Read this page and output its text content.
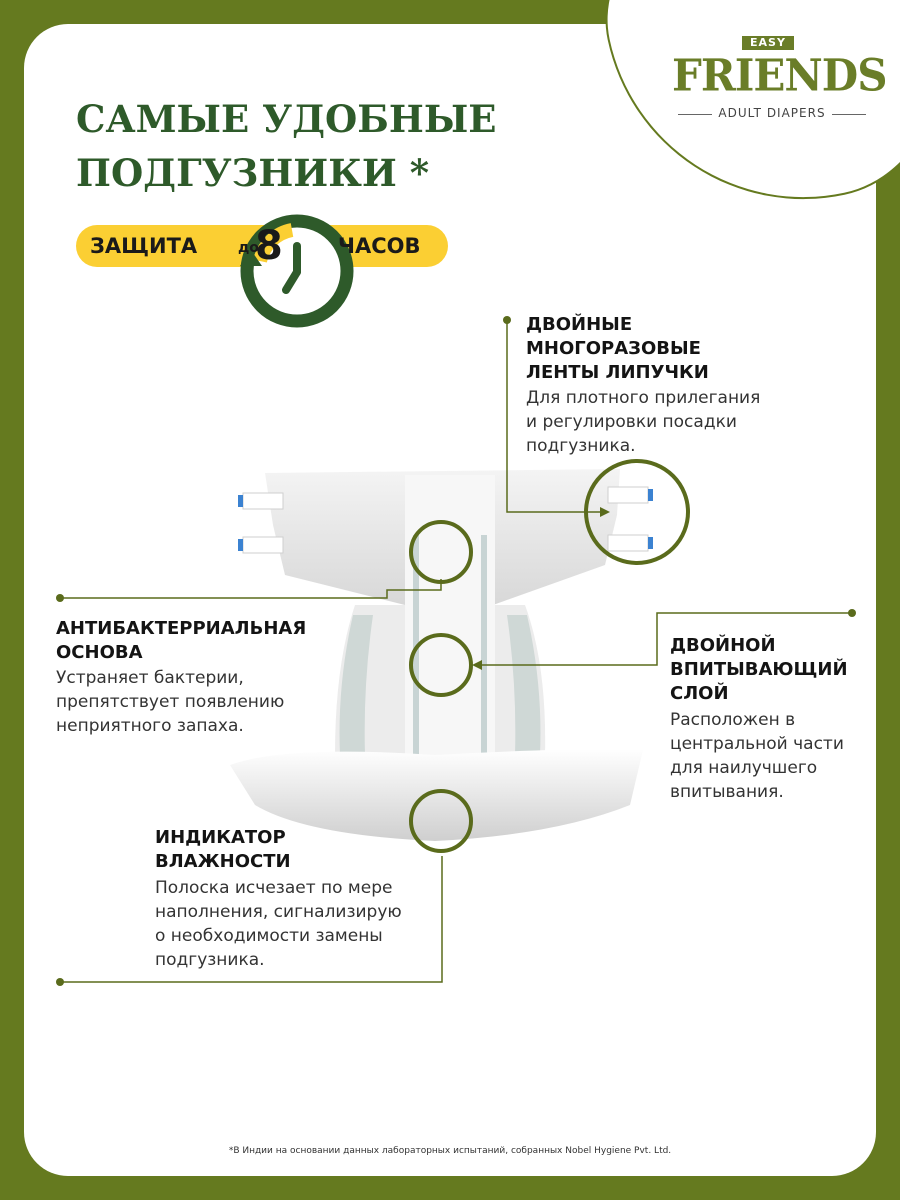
EASY
FRIENDS
ADULT DIAPERS
САМЫЕ УДОБНЫЕ
ПОДГУЗНИКИ *
ЗАЩИТА	до
8	ЧАСОВ
ДВОЙНЫЕ
МНОГОРАЗОВЫЕ
ЛЕНТЫ ЛИПУЧКИ
Для плотного прилегания
и регулировки посадки
подгузника.
АНТИБАКТЕРРИАЛЬНАЯ
ОСНОВА
Устраняет бактерии,
препятствует появлению
неприятного запаха.
ДВОЙНОЙ
ВПИТЫВАЮЩИЙ
СЛОЙ
Расположен в
центральной части
для наилучшего
впитывания.
ИНДИКАТОР
ВЛАЖНОСТИ
Полоска исчезает по мере
наполнения, сигнализирую
о необходимости замены
подгузника.
*В Индии на основании данных лабораторных испытаний, собранных Nobel Hygiene Pvt. Ltd.
